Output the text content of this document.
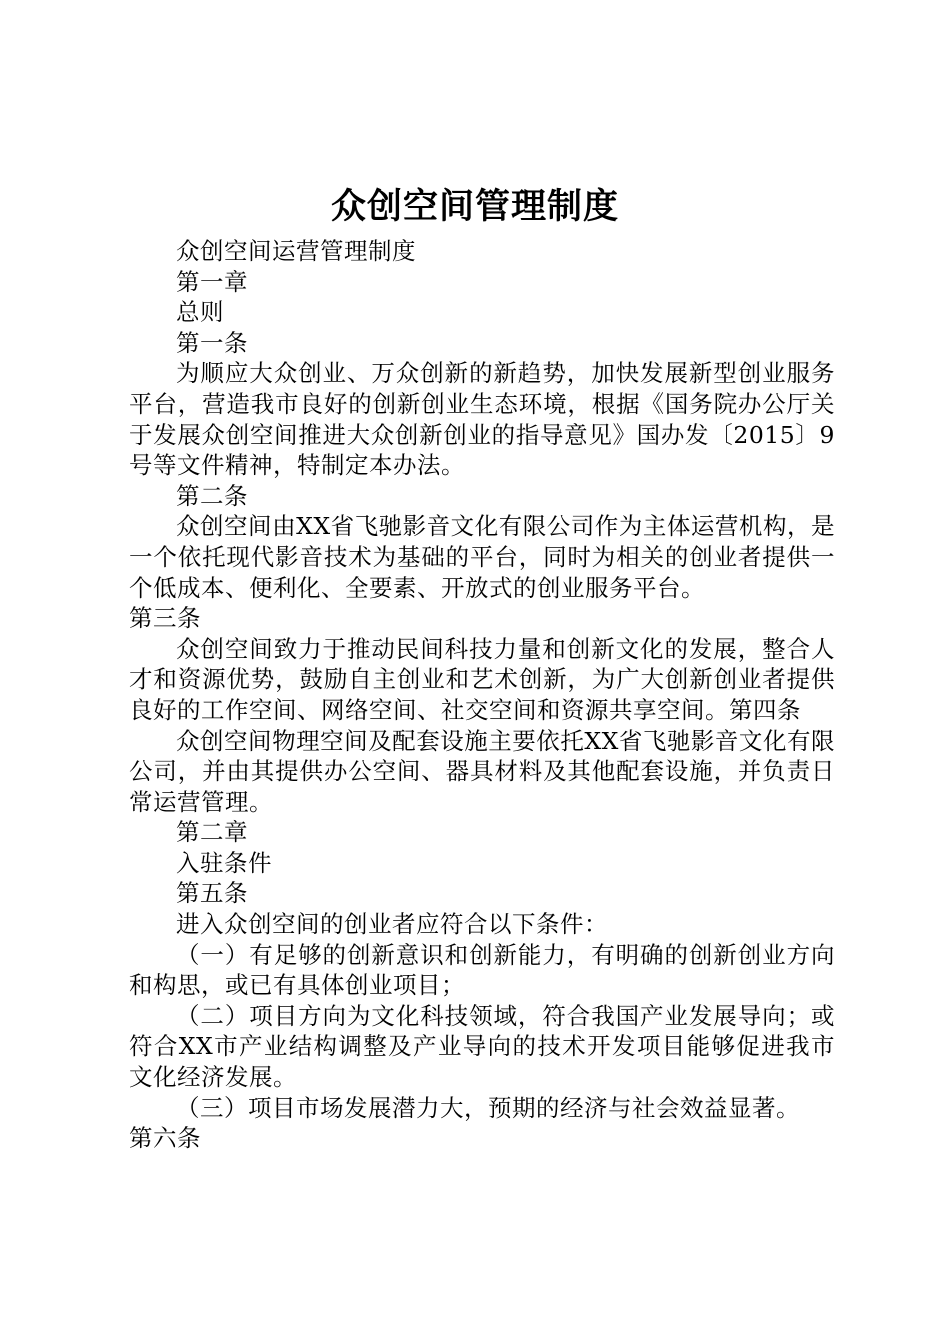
众创空间管理制度

众创空间运营管理制度

第一章

总则

第一条

为顺应大众创业、万众创新的新趋势，加快发展新型创业服务平台，营造我市良好的创新创业生态环境，根据《国务院办公厅关于发展众创空间推进大众创新创业的指导意见》国办发〔2015〕9号等文件精神，特制定本办法。

第二条

众创空间由XX省飞驰影音文化有限公司作为主体运营机构，是一个依托现代影音技术为基础的平台，同时为相关的创业者提供一个低成本、便利化、全要素、开放式的创业服务平台。

第三条

众创空间致力于推动民间科技力量和创新文化的发展，整合人才和资源优势，鼓励自主创业和艺术创新，为广大创新创业者提供良好的工作空间、网络空间、社交空间和资源共享空间。第四条

众创空间物理空间及配套设施主要依托XX省飞驰影音文化有限公司，并由其提供办公空间、器具材料及其他配套设施，并负责日常运营管理。

第二章

入驻条件

第五条

进入众创空间的创业者应符合以下条件：

（一）有足够的创新意识和创新能力，有明确的创新创业方向和构思，或已有具体创业项目；

（二）项目方向为文化科技领域，符合我国产业发展导向；或符合XX市产业结构调整及产业导向的技术开发项目能够促进我市文化经济发展。

（三）项目市场发展潜力大，预期的经济与社会效益显著。

第六条
